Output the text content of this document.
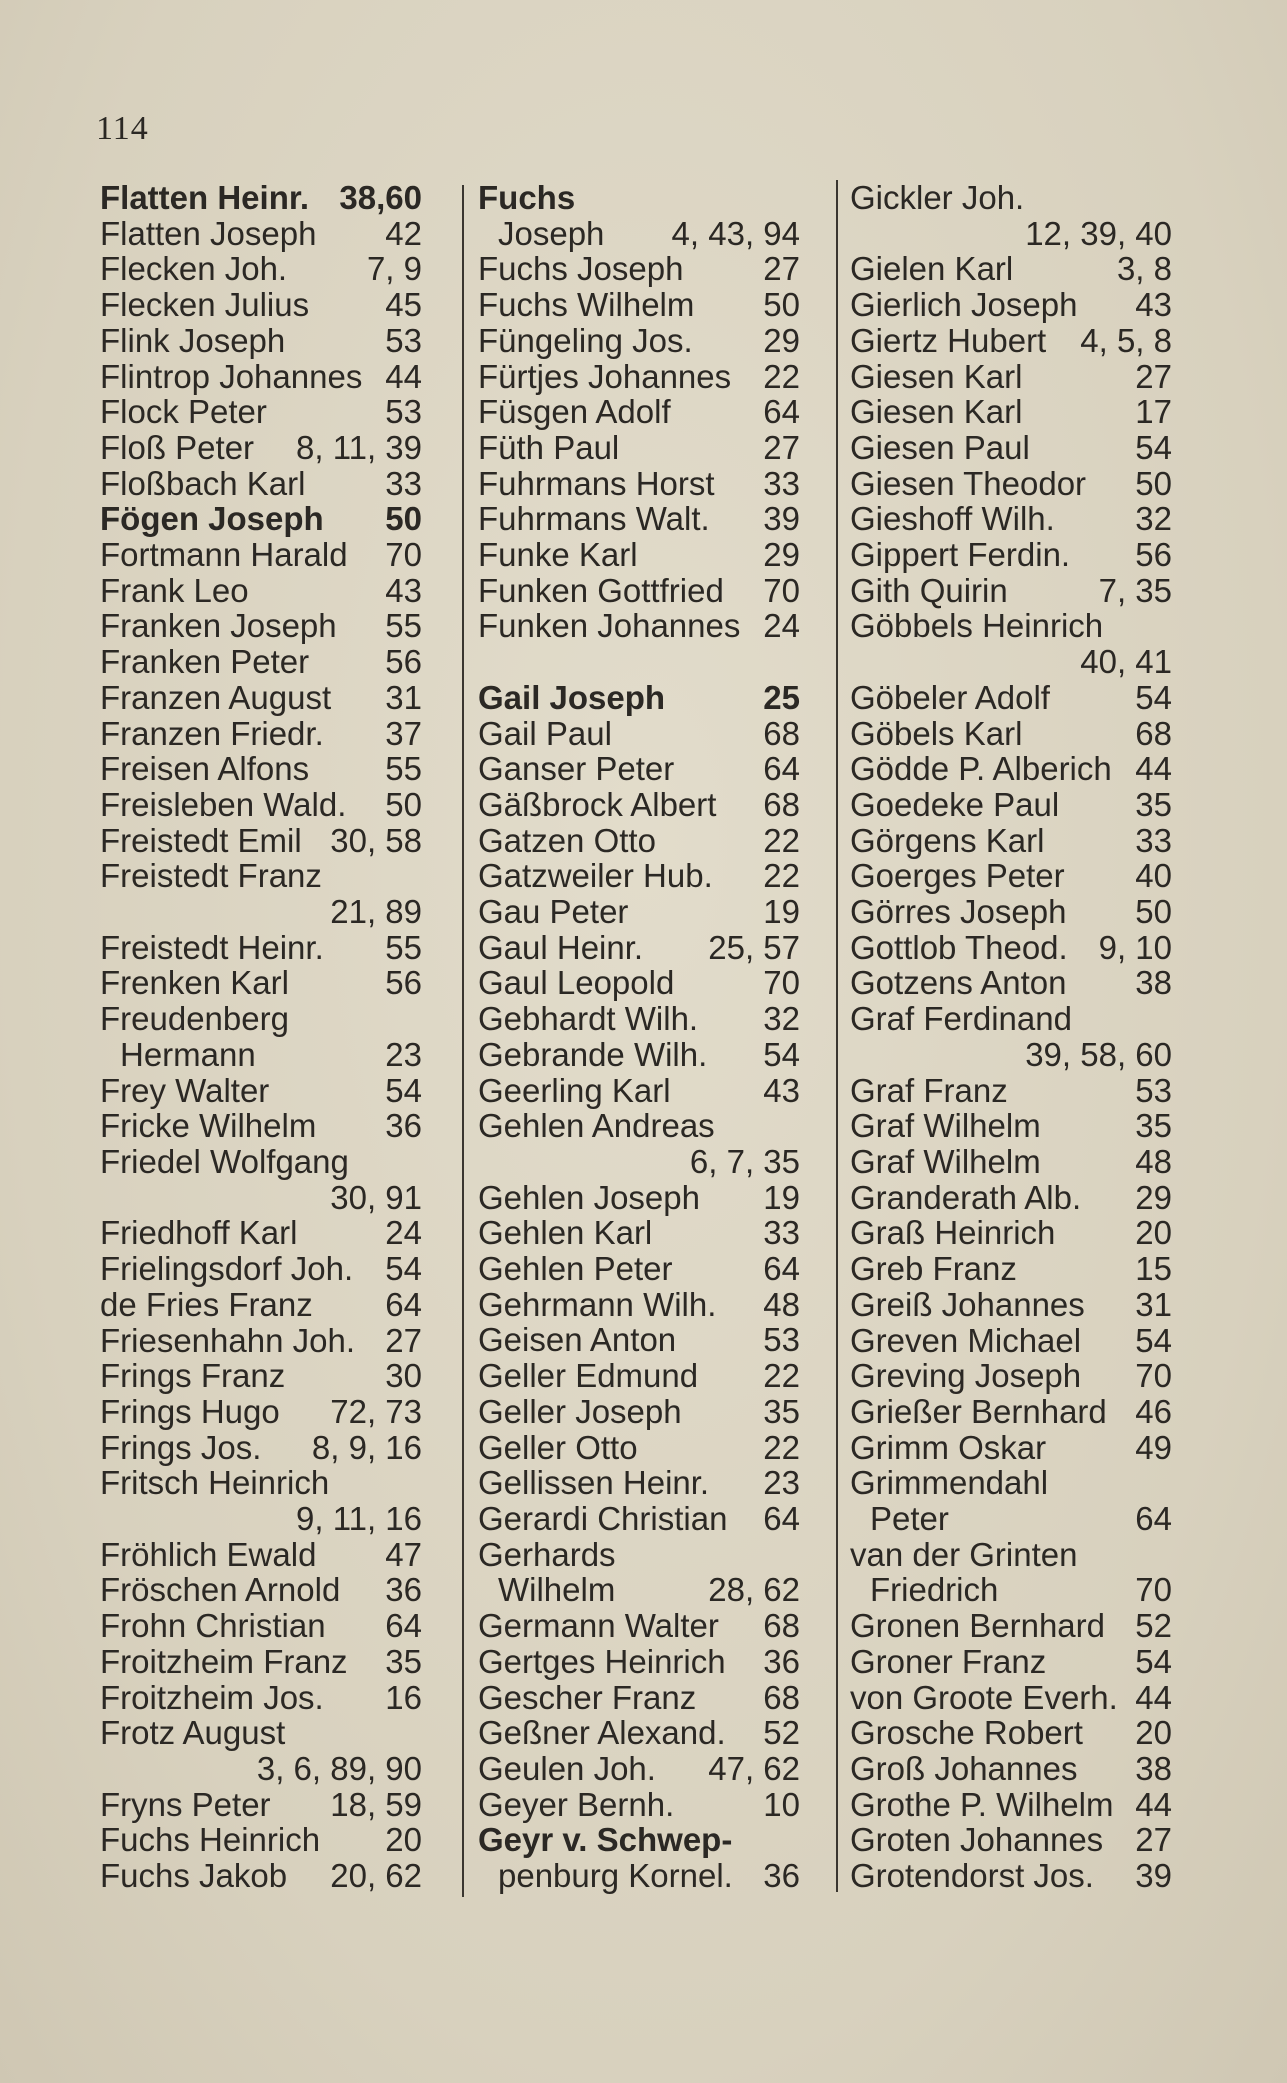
114
Flatten Heinr. 38,60
Flatten Joseph 42
Flecken Joh. 7, 9
Flecken Julius 45
Flink Joseph	53
Flintrop Johannes 44
Flock Peter	53
Floß Peter 8, 11, 39
Floßbach Karl 33
Fögen Joseph 50
Fortmann Harald 70
Frank Leo	43
Franken Joseph 55
Franken Peter 56
Franzen August 31
Franzen Friedr. 37
Freisen Alfons 55
Freisleben Wald. 50
Freistedt Emil 30, 58
Freistedt Franz
21, 89
Freistedt Heinr. 55
Frenken Karl	56
Freudenberg
Hermann	23
Frey Walter	54
Fricke Wilhelm 36
Friedel Wolfgang
30, 91
Friedhoff Karl	24
Frielingsdorf Joh. 54
de Fries Franz 64
Friesenhahn Joh. 27
Frings Franz	30
Frings Hugo 72, 73
Frings Jos. 8, 9, 16
Fritsch Heinrich
9, 11, 16
Fröhlich Ewald 47
Fröschen Arnold 36
Frohn Christian 64
Froitzheim Franz 35
Froitzheim Jos. 16
Frotz August
3, 6, 89, 90
Fryns Peter 18, 59
Fuchs Heinrich 20
Fuchs Jakob 20, 62
Fuchs
Joseph 4, 43, 94
Fuchs Joseph 27
Fuchs Wilhelm 50
Füngeling Jos. 29
Fürtjes Johannes 22
Füsgen Adolf	64
Füth Paul	27
Fuhrmans Horst 33
Fuhrmans Walt. 39
Funke Karl	29
Funken Gottfried 70
Funken Johannes 24
Gail Joseph	25
Gail Paul	68
Ganser Peter	64
Gäßbrock Albert 68
Gatzen Otto	22
Gatzweiler Hub. 22
Gau Peter	19
Gaul Heinr. 25, 57
Gaul Leopold	70
Gebhardt Wilh. 32
Gebrande Wilh. 54
Geerling Karl	43
Gehlen Andreas
6, 7, 35
Gehlen Joseph 19
Gehlen Karl	33
Gehlen Peter	64
Gehrmann Wilh. 48
Geisen Anton	53
Geller Edmund 22
Geller Joseph 35
Geller Otto	22
Gellissen Heinr. 23
Gerardi Christian 64
Gerhards
Wilhelm	28, 62
Germann Walter 68
Gertges Heinrich 36
Gescher Franz 68
Geßner Alexand. 52
Geulen Joh. 47, 62
Geyer Bernh.	10
Geyr v. Schwep-
penburg Kornel. 36
Gickler Joh.
12, 39, 40
Gielen Karl	3, 8
Gierlich Joseph 43
Giertz Hubert 4, 5, 8
Giesen Karl	27
Giesen Karl	17
Giesen Paul	54
Giesen Theodor 50
Gieshoff Wilh. 32
Gippert Ferdin. 56
Gith Quirin	7, 35
Göbbels Heinrich
40, 41
Göbeler Adolf	54
Göbels Karl	68
Gödde P. Alberich 44
Goedeke Paul 35
Görgens Karl	33
Goerges Peter 40
Görres Joseph 50
Gottlob Theod. 9, 10
Gotzens Anton 38
Graf Ferdinand
39, 58, 60
Graf Franz	53
Graf Wilhelm	35
Graf Wilhelm	48
Granderath Alb. 29
Graß Heinrich 20
Greb Franz	15
Greiß Johannes 31
Greven Michael 54
Greving Joseph 70
Grießer Bernhard 46
Grimm Oskar	49
Grimmendahl
Peter	64
van der Grinten
Friedrich	70
Gronen Bernhard 52
Groner Franz	54
von Groote Everh. 44
Grosche Robert 20
Groß Johannes 38
Grothe P. Wilhelm 44
Groten Johannes 27
Grotendorst Jos. 39
